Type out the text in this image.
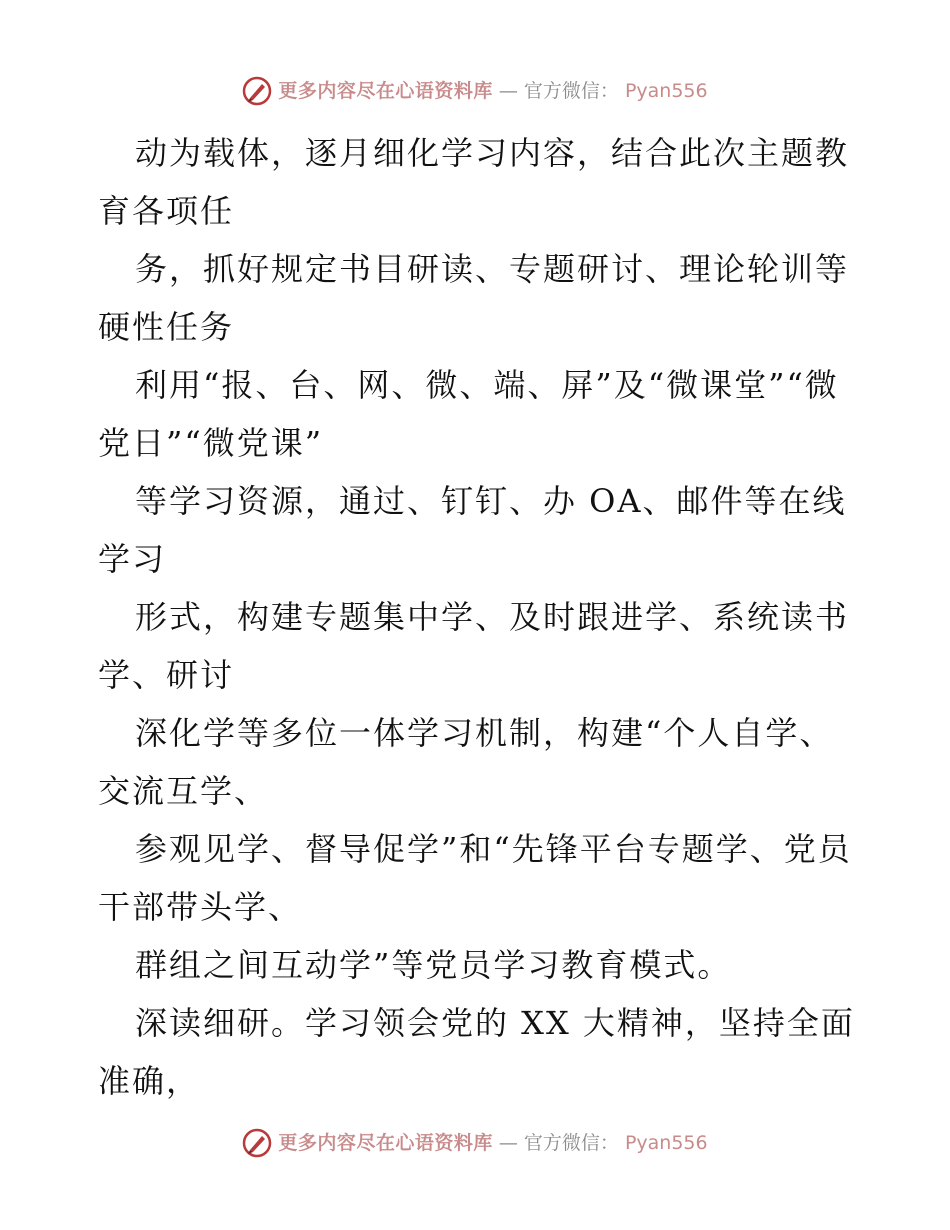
更多内容尽在心语资料库 — 官方微信： Pyan556

动为载体，逐月细化学习内容，结合此次主题教育各项任

务，抓好规定书目研读、专题研讨、理论轮训等硬性任务

利用“报、台、网、微、端、屏”及“微课堂”“微党日”“微党课”

等学习资源，通过、钉钉、办 OA、邮件等在线学习

形式，构建专题集中学、及时跟进学、系统读书学、研讨

深化学等多位一体学习机制，构建“个人自学、交流互学、

参观见学、督导促学”和“先锋平台专题学、党员干部带头学、

群组之间互动学”等党员学习教育模式。

深读细研。学习领会党的 XX 大精神，坚持全面准确，

更多内容尽在心语资料库 — 官方微信： Pyan556
